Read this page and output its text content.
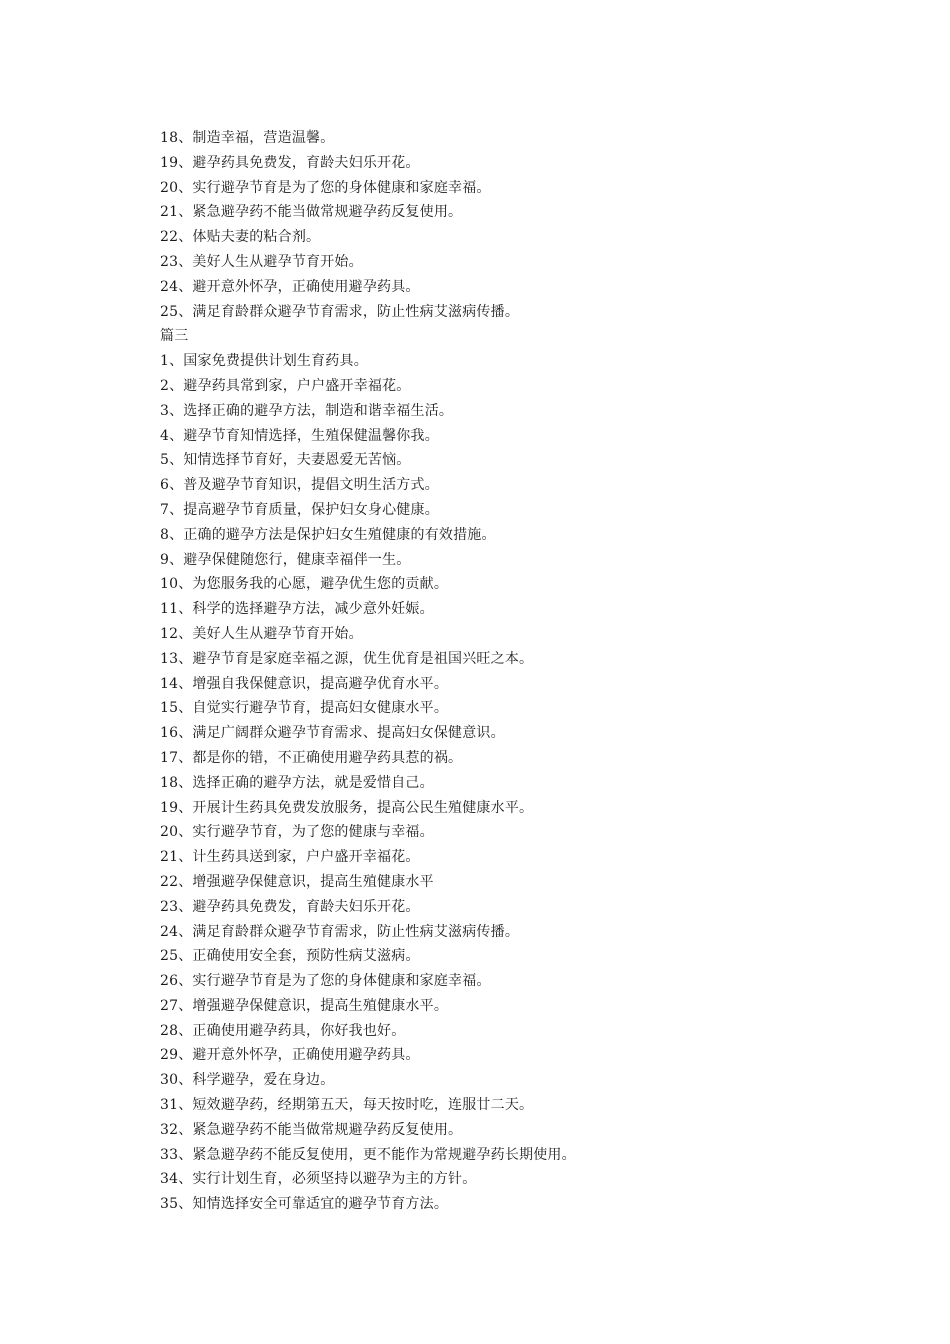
18、制造幸福，营造温馨。
19、避孕药具免费发，育龄夫妇乐开花。
20、实行避孕节育是为了您的身体健康和家庭幸福。
21、紧急避孕药不能当做常规避孕药反复使用。
22、体贴夫妻的粘合剂。
23、美好人生从避孕节育开始。
24、避开意外怀孕，正确使用避孕药具。
25、满足育龄群众避孕节育需求，防止性病艾滋病传播。
篇三
1、国家免费提供计划生育药具。
2、避孕药具常到家，户户盛开幸福花。
3、选择正确的避孕方法，制造和谐幸福生活。
4、避孕节育知情选择，生殖保健温馨你我。
5、知情选择节育好，夫妻恩爱无苦恼。
6、普及避孕节育知识，提倡文明生活方式。
7、提高避孕节育质量，保护妇女身心健康。
8、正确的避孕方法是保护妇女生殖健康的有效措施。
9、避孕保健随您行，健康幸福伴一生。
10、为您服务我的心愿，避孕优生您的贡献。
11、科学的选择避孕方法，减少意外妊娠。
12、美好人生从避孕节育开始。
13、避孕节育是家庭幸福之源，优生优育是祖国兴旺之本。
14、增强自我保健意识，提高避孕优育水平。
15、自觉实行避孕节育，提高妇女健康水平。
16、满足广阔群众避孕节育需求、提高妇女保健意识。
17、都是你的错，不正确使用避孕药具惹的祸。
18、选择正确的避孕方法，就是爱惜自己。
19、开展计生药具免费发放服务，提高公民生殖健康水平。
20、实行避孕节育，为了您的健康与幸福。
21、计生药具送到家，户户盛开幸福花。
22、增强避孕保健意识，提高生殖健康水平
23、避孕药具免费发，育龄夫妇乐开花。
24、满足育龄群众避孕节育需求，防止性病艾滋病传播。
25、正确使用安全套，预防性病艾滋病。
26、实行避孕节育是为了您的身体健康和家庭幸福。
27、增强避孕保健意识，提高生殖健康水平。
28、正确使用避孕药具，你好我也好。
29、避开意外怀孕，正确使用避孕药具。
30、科学避孕，爱在身边。
31、短效避孕药，经期第五天，每天按时吃，连服廿二天。
32、紧急避孕药不能当做常规避孕药反复使用。
33、紧急避孕药不能反复使用，更不能作为常规避孕药长期使用。
34、实行计划生育，必须坚持以避孕为主的方针。
35、知情选择安全可靠适宜的避孕节育方法。
